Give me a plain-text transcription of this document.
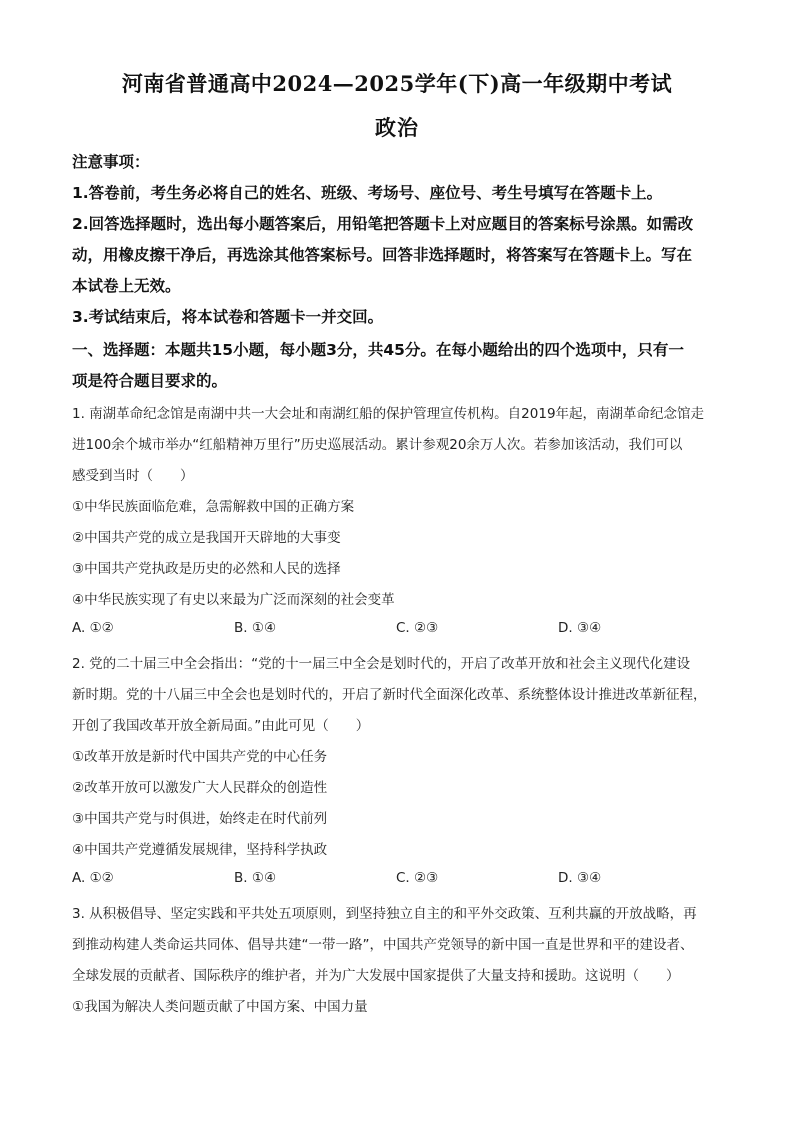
河南省普通高中2024—2025学年(下)高一年级期中考试
政治
注意事项：
1.答卷前，考生务必将自己的姓名、班级、考场号、座位号、考生号填写在答题卡上。
2.回答选择题时，选出每小题答案后，用铅笔把答题卡上对应题目的答案标号涂黑。如需改
动，用橡皮擦干净后，再选涂其他答案标号。回答非选择题时，将答案写在答题卡上。写在
本试卷上无效。
3.考试结束后，将本试卷和答题卡一并交回。
一、选择题：本题共15小题，每小题3分，共45分。在每小题给出的四个选项中，只有一
项是符合题目要求的。
1. 南湖革命纪念馆是南湖中共一大会址和南湖红船的保护管理宣传机构。自2019年起，南湖革命纪念馆走
进100余个城市举办“红船精神万里行”历史巡展活动。累计参观20余万人次。若参加该活动，我们可以
感受到当时（　　）
①中华民族面临危难，急需解救中国的正确方案
②中国共产党的成立是我国开天辟地的大事变
③中国共产党执政是历史的必然和人民的选择
④中华民族实现了有史以来最为广泛而深刻的社会变革
A. ①②	B. ①④	C. ②③	D. ③④
2. 党的二十届三中全会指出：“党的十一届三中全会是划时代的，开启了改革开放和社会主义现代化建设
新时期。党的十八届三中全会也是划时代的，开启了新时代全面深化改革、系统整体设计推进改革新征程，
开创了我国改革开放全新局面。”由此可见（　　）
①改革开放是新时代中国共产党的中心任务
②改革开放可以激发广大人民群众的创造性
③中国共产党与时俱进，始终走在时代前列
④中国共产党遵循发展规律，坚持科学执政
A. ①②	B. ①④	C. ②③	D. ③④
3. 从积极倡导、坚定实践和平共处五项原则，到坚持独立自主的和平外交政策、互利共赢的开放战略，再
到推动构建人类命运共同体、倡导共建“一带一路”，中国共产党领导的新中国一直是世界和平的建设者、
全球发展的贡献者、国际秩序的维护者，并为广大发展中国家提供了大量支持和援助。这说明（　　）
①我国为解决人类问题贡献了中国方案、中国力量
